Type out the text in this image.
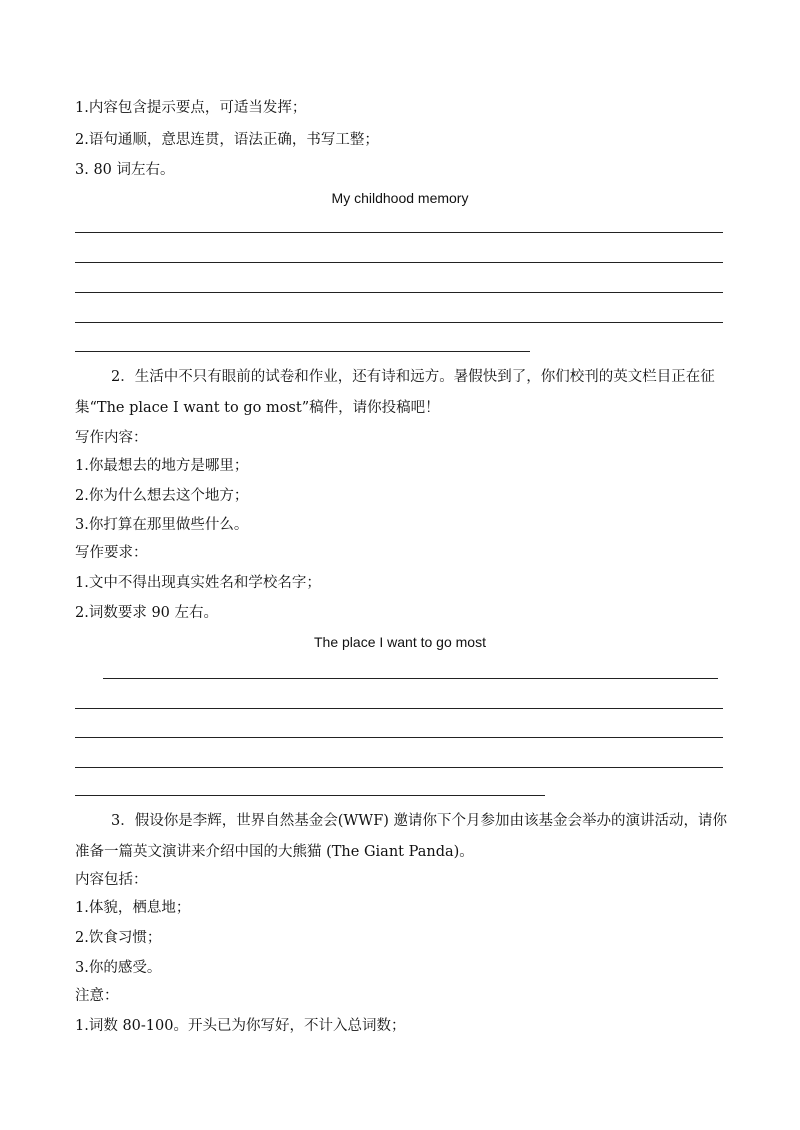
1.内容包含提示要点，可适当发挥；
2.语句通顺，意思连贯，语法正确，书写工整；
3. 80 词左右。
My childhood memory
2．生活中不只有眼前的试卷和作业，还有诗和远方。暑假快到了，你们校刊的英文栏目正在征集“The place I want to go most”稿件，请你投稿吧！
写作内容：
1.你最想去的地方是哪里；
2.你为什么想去这个地方；
3.你打算在那里做些什么。
写作要求：
1.文中不得出现真实姓名和学校名字；
2.词数要求 90 左右。
The place I want to go most
3．假设你是李辉，世界自然基金会(WWF) 邀请你下个月参加由该基金会举办的演讲活动，请你准备一篇英文演讲来介绍中国的大熊猫 (The Giant Panda)。
内容包括：
1.体貌，栖息地；
2.饮食习惯；
3.你的感受。
注意：
1.词数 80-100。开头已为你写好，不计入总词数；
